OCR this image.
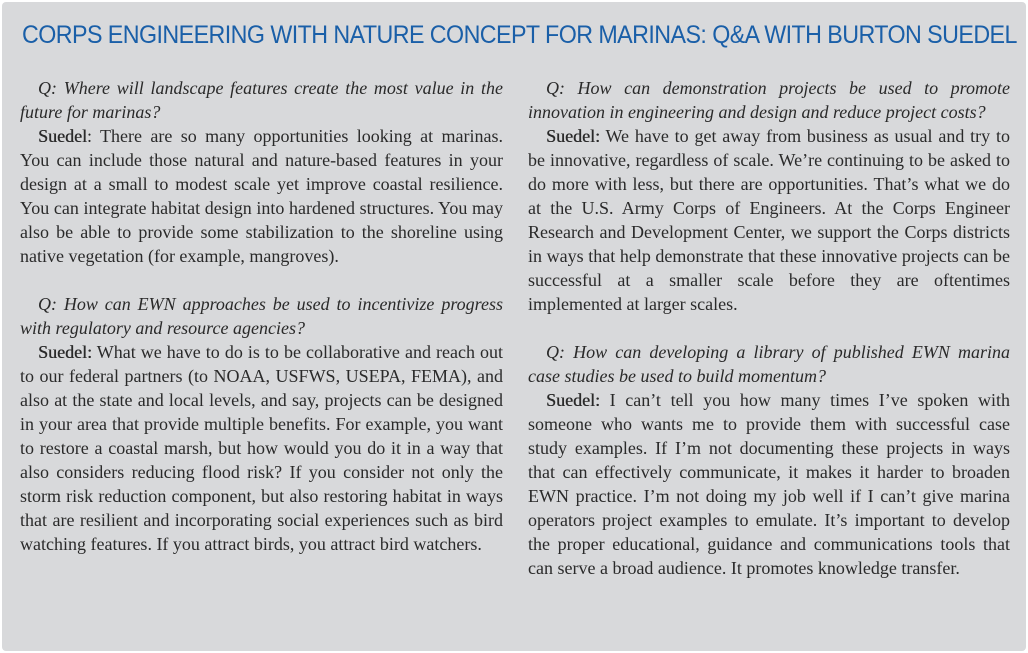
CORPS ENGINEERING WITH NATURE CONCEPT FOR MARINAS: Q&A WITH BURTON SUEDEL

Q: Where will landscape features create the most value in the future for marinas?

Suedel: There are so many opportunities looking at marinas. You can include those natural and nature-based features in your design at a small to modest scale yet improve coastal resilience. You can integrate habitat design into hardened structures. You may also be able to provide some stabilization to the shoreline using native vegetation (for example, mangroves).

Q: How can EWN approaches be used to incentivize progress with regulatory and resource agencies?

Suedel: What we have to do is to be collaborative and reach out to our federal partners (to NOAA, USFWS, USEPA, FEMA), and also at the state and local levels, and say, projects can be designed in your area that provide multiple benefits. For example, you want to restore a coastal marsh, but how would you do it in a way that also considers reducing flood risk? If you consider not only the storm risk reduction component, but also restoring habitat in ways that are resilient and incorporating social experiences such as bird watching features. If you attract birds, you attract bird watchers.

Q: How can demonstration projects be used to promote innovation in engineering and design and reduce project costs?

Suedel: We have to get away from business as usual and try to be innovative, regardless of scale. We’re continuing to be asked to do more with less, but there are opportunities. That’s what we do at the U.S. Army Corps of Engineers. At the Corps Engineer Research and Development Center, we support the Corps districts in ways that help demonstrate that these innovative projects can be successful at a smaller scale before they are oftentimes implemented at larger scales.

Q: How can developing a library of published EWN marina case studies be used to build momentum?

Suedel: I can’t tell you how many times I’ve spoken with someone who wants me to provide them with successful case study examples. If I’m not documenting these projects in ways that can effectively communicate, it makes it harder to broaden EWN practice. I’m not doing my job well if I can’t give marina operators project examples to emulate. It’s important to develop the proper educational, guidance and communications tools that can serve a broad audience. It promotes knowledge transfer.
